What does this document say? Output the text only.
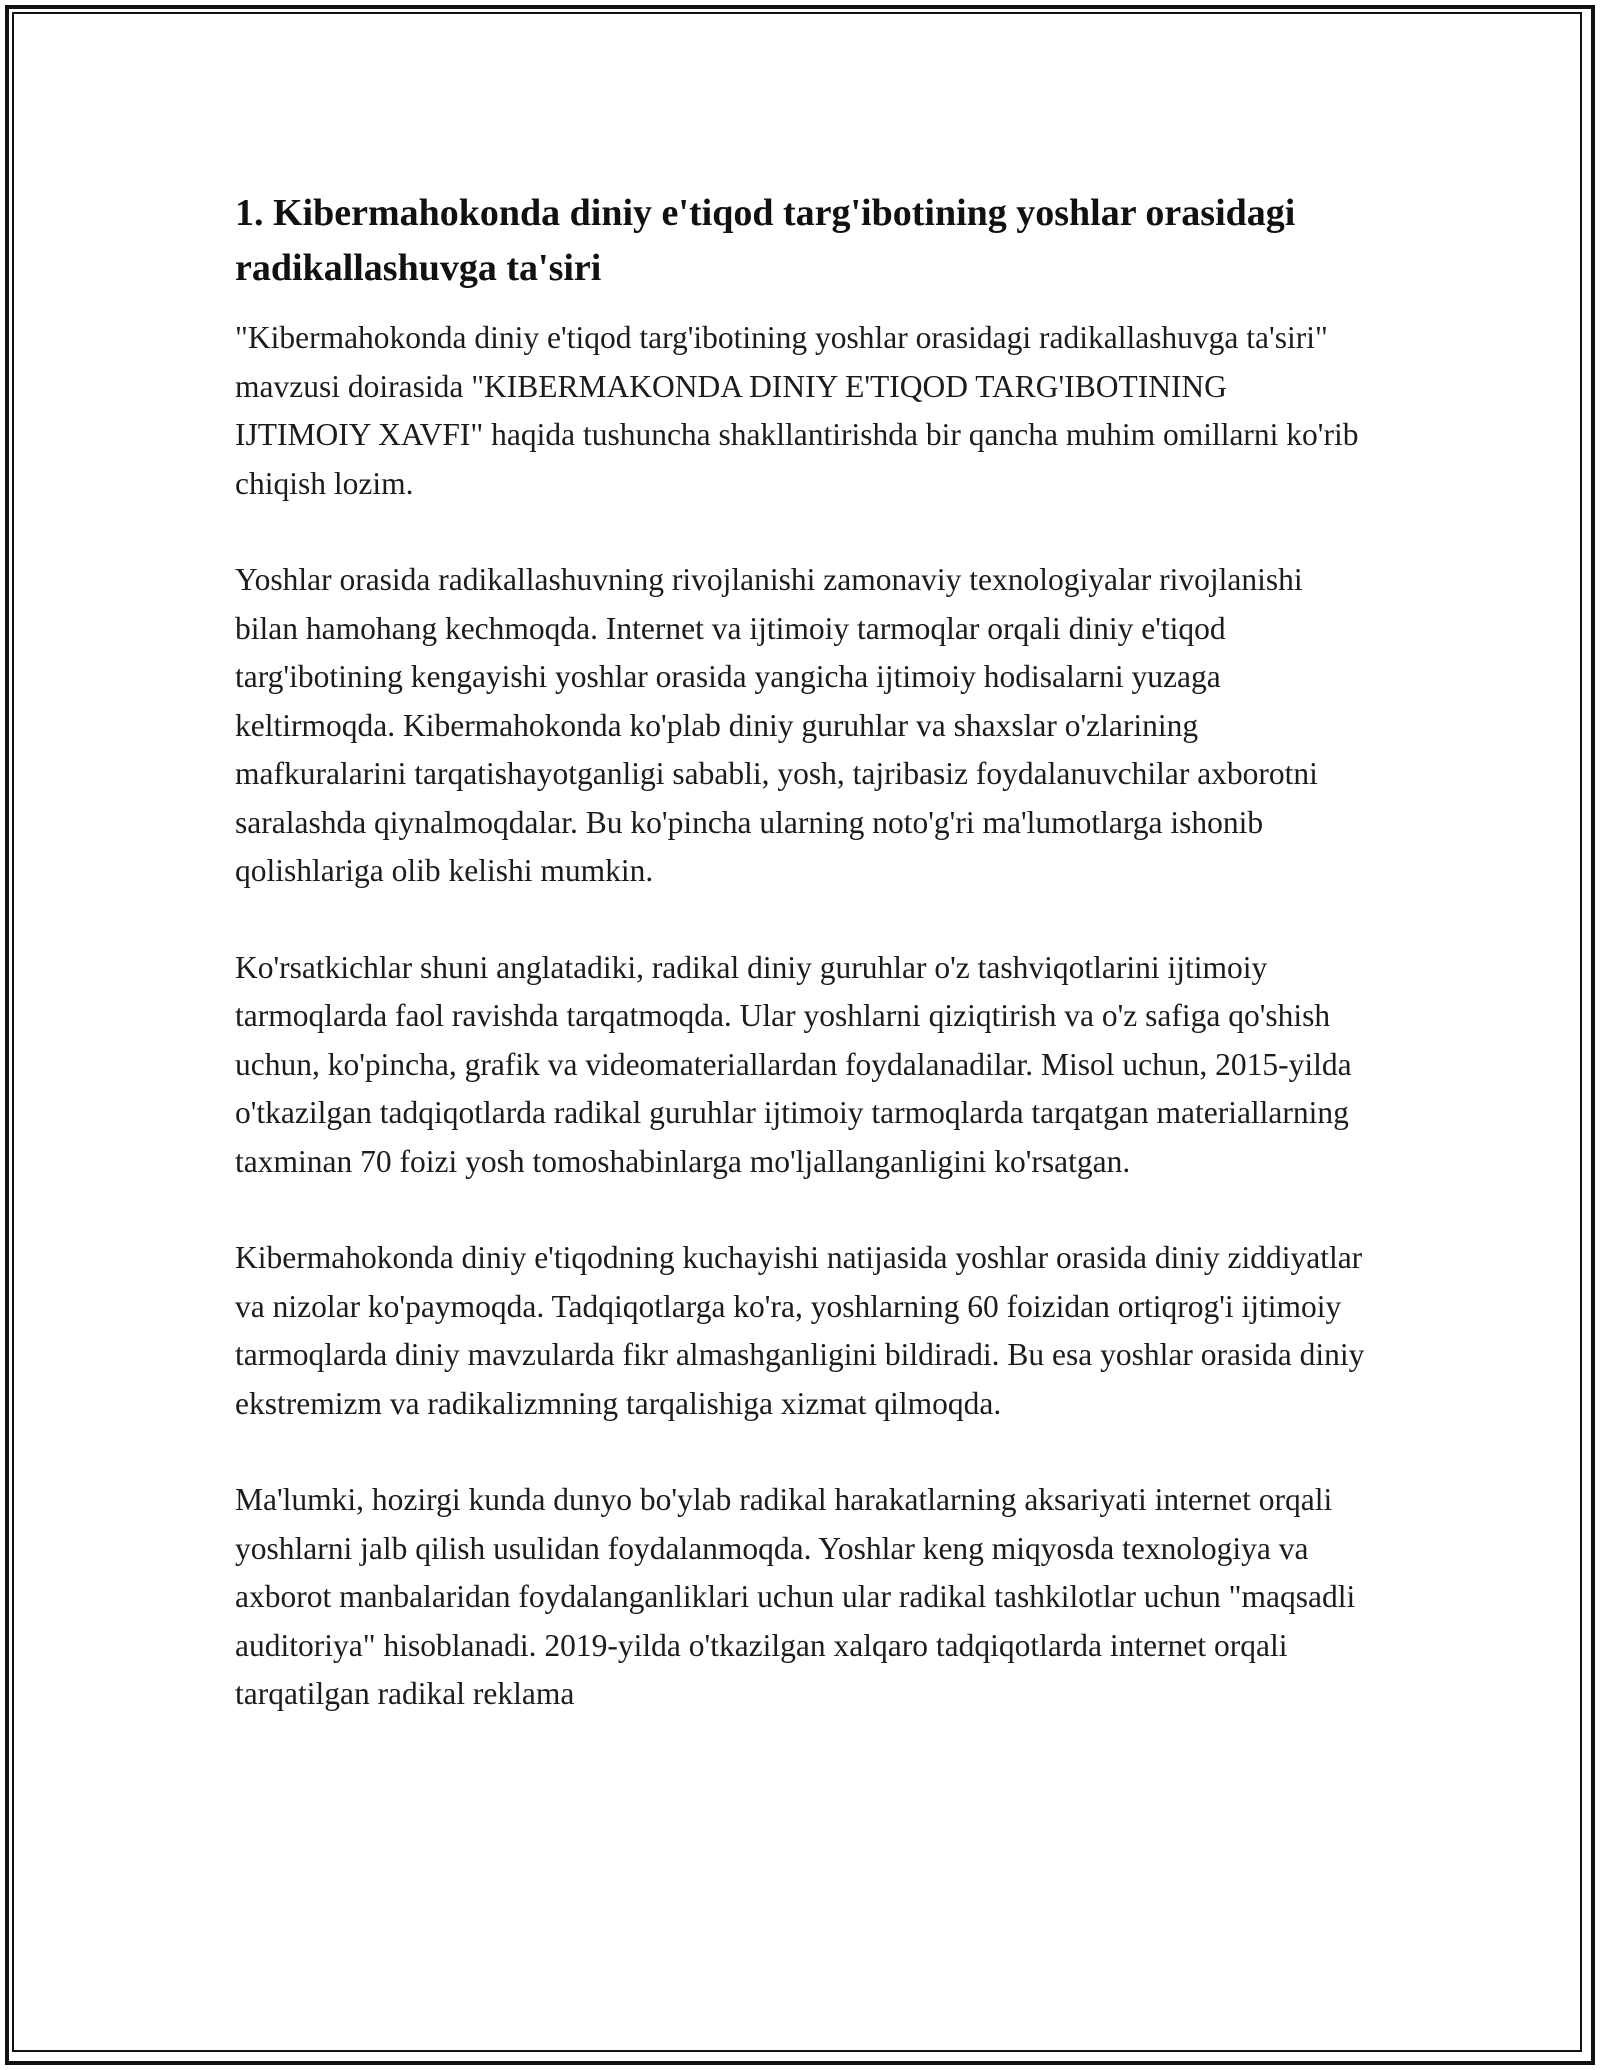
1. Kibermahokonda diniy e'tiqod targ'ibotining yoshlar orasidagi radikallashuvga ta'siri

"Kibermahokonda diniy e'tiqod targ'ibotining yoshlar orasidagi radikallashuvga ta'siri" mavzusi doirasida "KIBERMAKONDA DINIY E'TIQOD TARG'IBOTINING IJTIMOIY XAVFI" haqida tushuncha shakllantirishda bir qancha muhim omillarni ko'rib chiqish lozim.

Yoshlar orasida radikallashuvning rivojlanishi zamonaviy texnologiyalar rivojlanishi bilan hamohang kechmoqda. Internet va ijtimoiy tarmoqlar orqali diniy e'tiqod targ'ibotining kengayishi yoshlar orasida yangicha ijtimoiy hodisalarni yuzaga keltirmoqda. Kibermahokonda ko'plab diniy guruhlar va shaxslar o'zlarining mafkuralarini tarqatishayotganligi sababli, yosh, tajribasiz foydalanuvchilar axborotni saralashda qiynalmoqdalar. Bu ko'pincha ularning noto'g'ri ma'lumotlarga ishonib qolishlariga olib kelishi mumkin.

Ko'rsatkichlar shuni anglatadiki, radikal diniy guruhlar o'z tashviqotlarini ijtimoiy tarmoqlarda faol ravishda tarqatmoqda. Ular yoshlarni qiziqtirish va o'z safiga qo'shish uchun, ko'pincha, grafik va videomateriallardan foydalanadilar. Misol uchun, 2015-yilda o'tkazilgan tadqiqotlarda radikal guruhlar ijtimoiy tarmoqlarda tarqatgan materiallarning taxminan 70 foizi yosh tomoshabinlarga mo'ljallanganligini ko'rsatgan.

Kibermahokonda diniy e'tiqodning kuchayishi natijasida yoshlar orasida diniy ziddiyatlar va nizolar ko'paymoqda. Tadqiqotlarga ko'ra, yoshlarning 60 foizidan ortiqrog'i ijtimoiy tarmoqlarda diniy mavzularda fikr almashganligini bildiradi. Bu esa yoshlar orasida diniy ekstremizm va radikalizmning tarqalishiga xizmat qilmoqda.

Ma'lumki, hozirgi kunda dunyo bo'ylab radikal harakatlarning aksariyati internet orqali yoshlarni jalb qilish usulidan foydalanmoqda. Yoshlar keng miqyosda texnologiya va axborot manbalaridan foydalanganliklari uchun ular radikal tashkilotlar uchun "maqsadli auditoriya" hisoblanadi. 2019-yilda o'tkazilgan xalqaro tadqiqotlarda internet orqali tarqatilgan radikal reklama
